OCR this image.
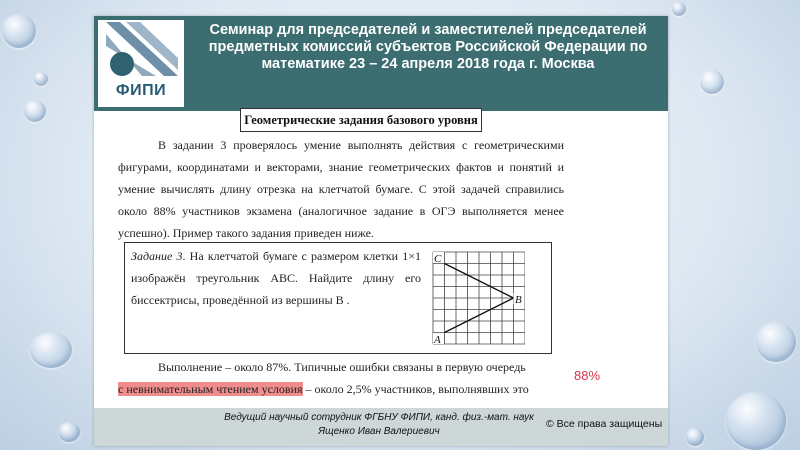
ФИПИ
Семинар для председателей и заместителей председателей
предметных комиссий субъектов Российской Федерации по
математике 23 – 24 апреля 2018 года г. Москва
Геометрические задания базового уровня
В задании 3 проверялось умение выполнять действия с геометрическими фигурами, координатами и векторами, знание геометрических фактов и понятий и умение вычислять длину отрезка на клетчатой бумаге. С этой задачей справились около 88% участников экзамена (аналогичное задание в ОГЭ выполняется менее успешно). Пример такого задания приведен ниже.
Задание 3. На клетчатой бумаге с размером клетки 1×1 изображён треугольник ABC. Найдите длину его биссектрисы, проведённой из вершины B .
C
B
A
Выполнение – около 87%. Типичные ошибки связаны в первую очередь
с невнимательным чтением условия – около 2,5% участников, выполнявших это
88%
Ведущий научный сотрудник ФГБНУ ФИПИ, канд. физ.-мат. наук
Ященко Иван Валериевич
© Все права защищены
